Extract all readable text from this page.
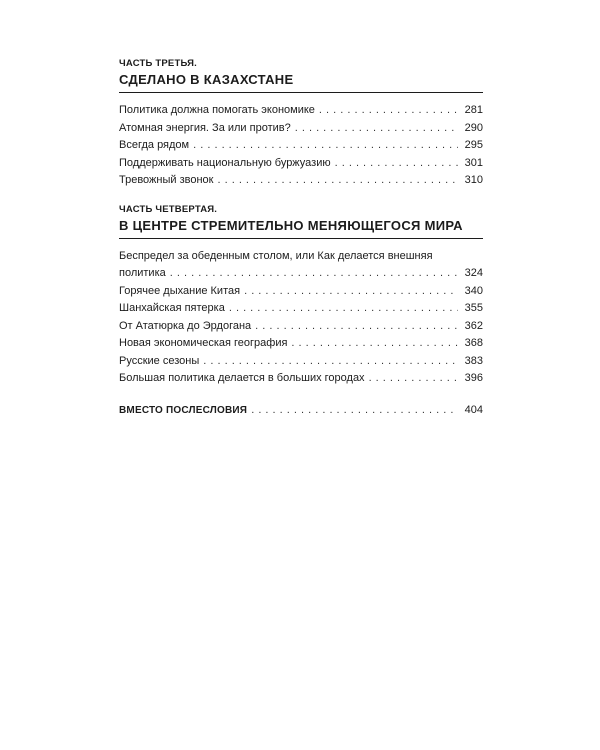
ЧАСТЬ ТРЕТЬЯ.

СДЕЛАНО В КАЗАХСТАНЕ
Политика должна помогать экономике . . .	281
Атомная энергия. За или против? . . .	290
Всегда рядом . . .	295
Поддерживать национальную буржуазию . . .	301
Тревожный звонок . . .	310

ЧАСТЬ ЧЕТВЕРТАЯ.

В ЦЕНТРЕ СТРЕМИТЕЛЬНО МЕНЯЮЩЕГОСЯ МИРА
Беспредел за обеденным столом, или Как делается внешняя
политика . . .	324
Горячее дыхание Китая . . .	340
Шанхайская пятерка . . .	355
От Ататюрка до Эрдогана . . .	362
Новая экономическая география . . .	368
Русские сезоны . . .	383
Большая политика делается в больших городах . . .	396
ВМЕСТО ПОСЛЕСЛОВИЯ . . .	404
